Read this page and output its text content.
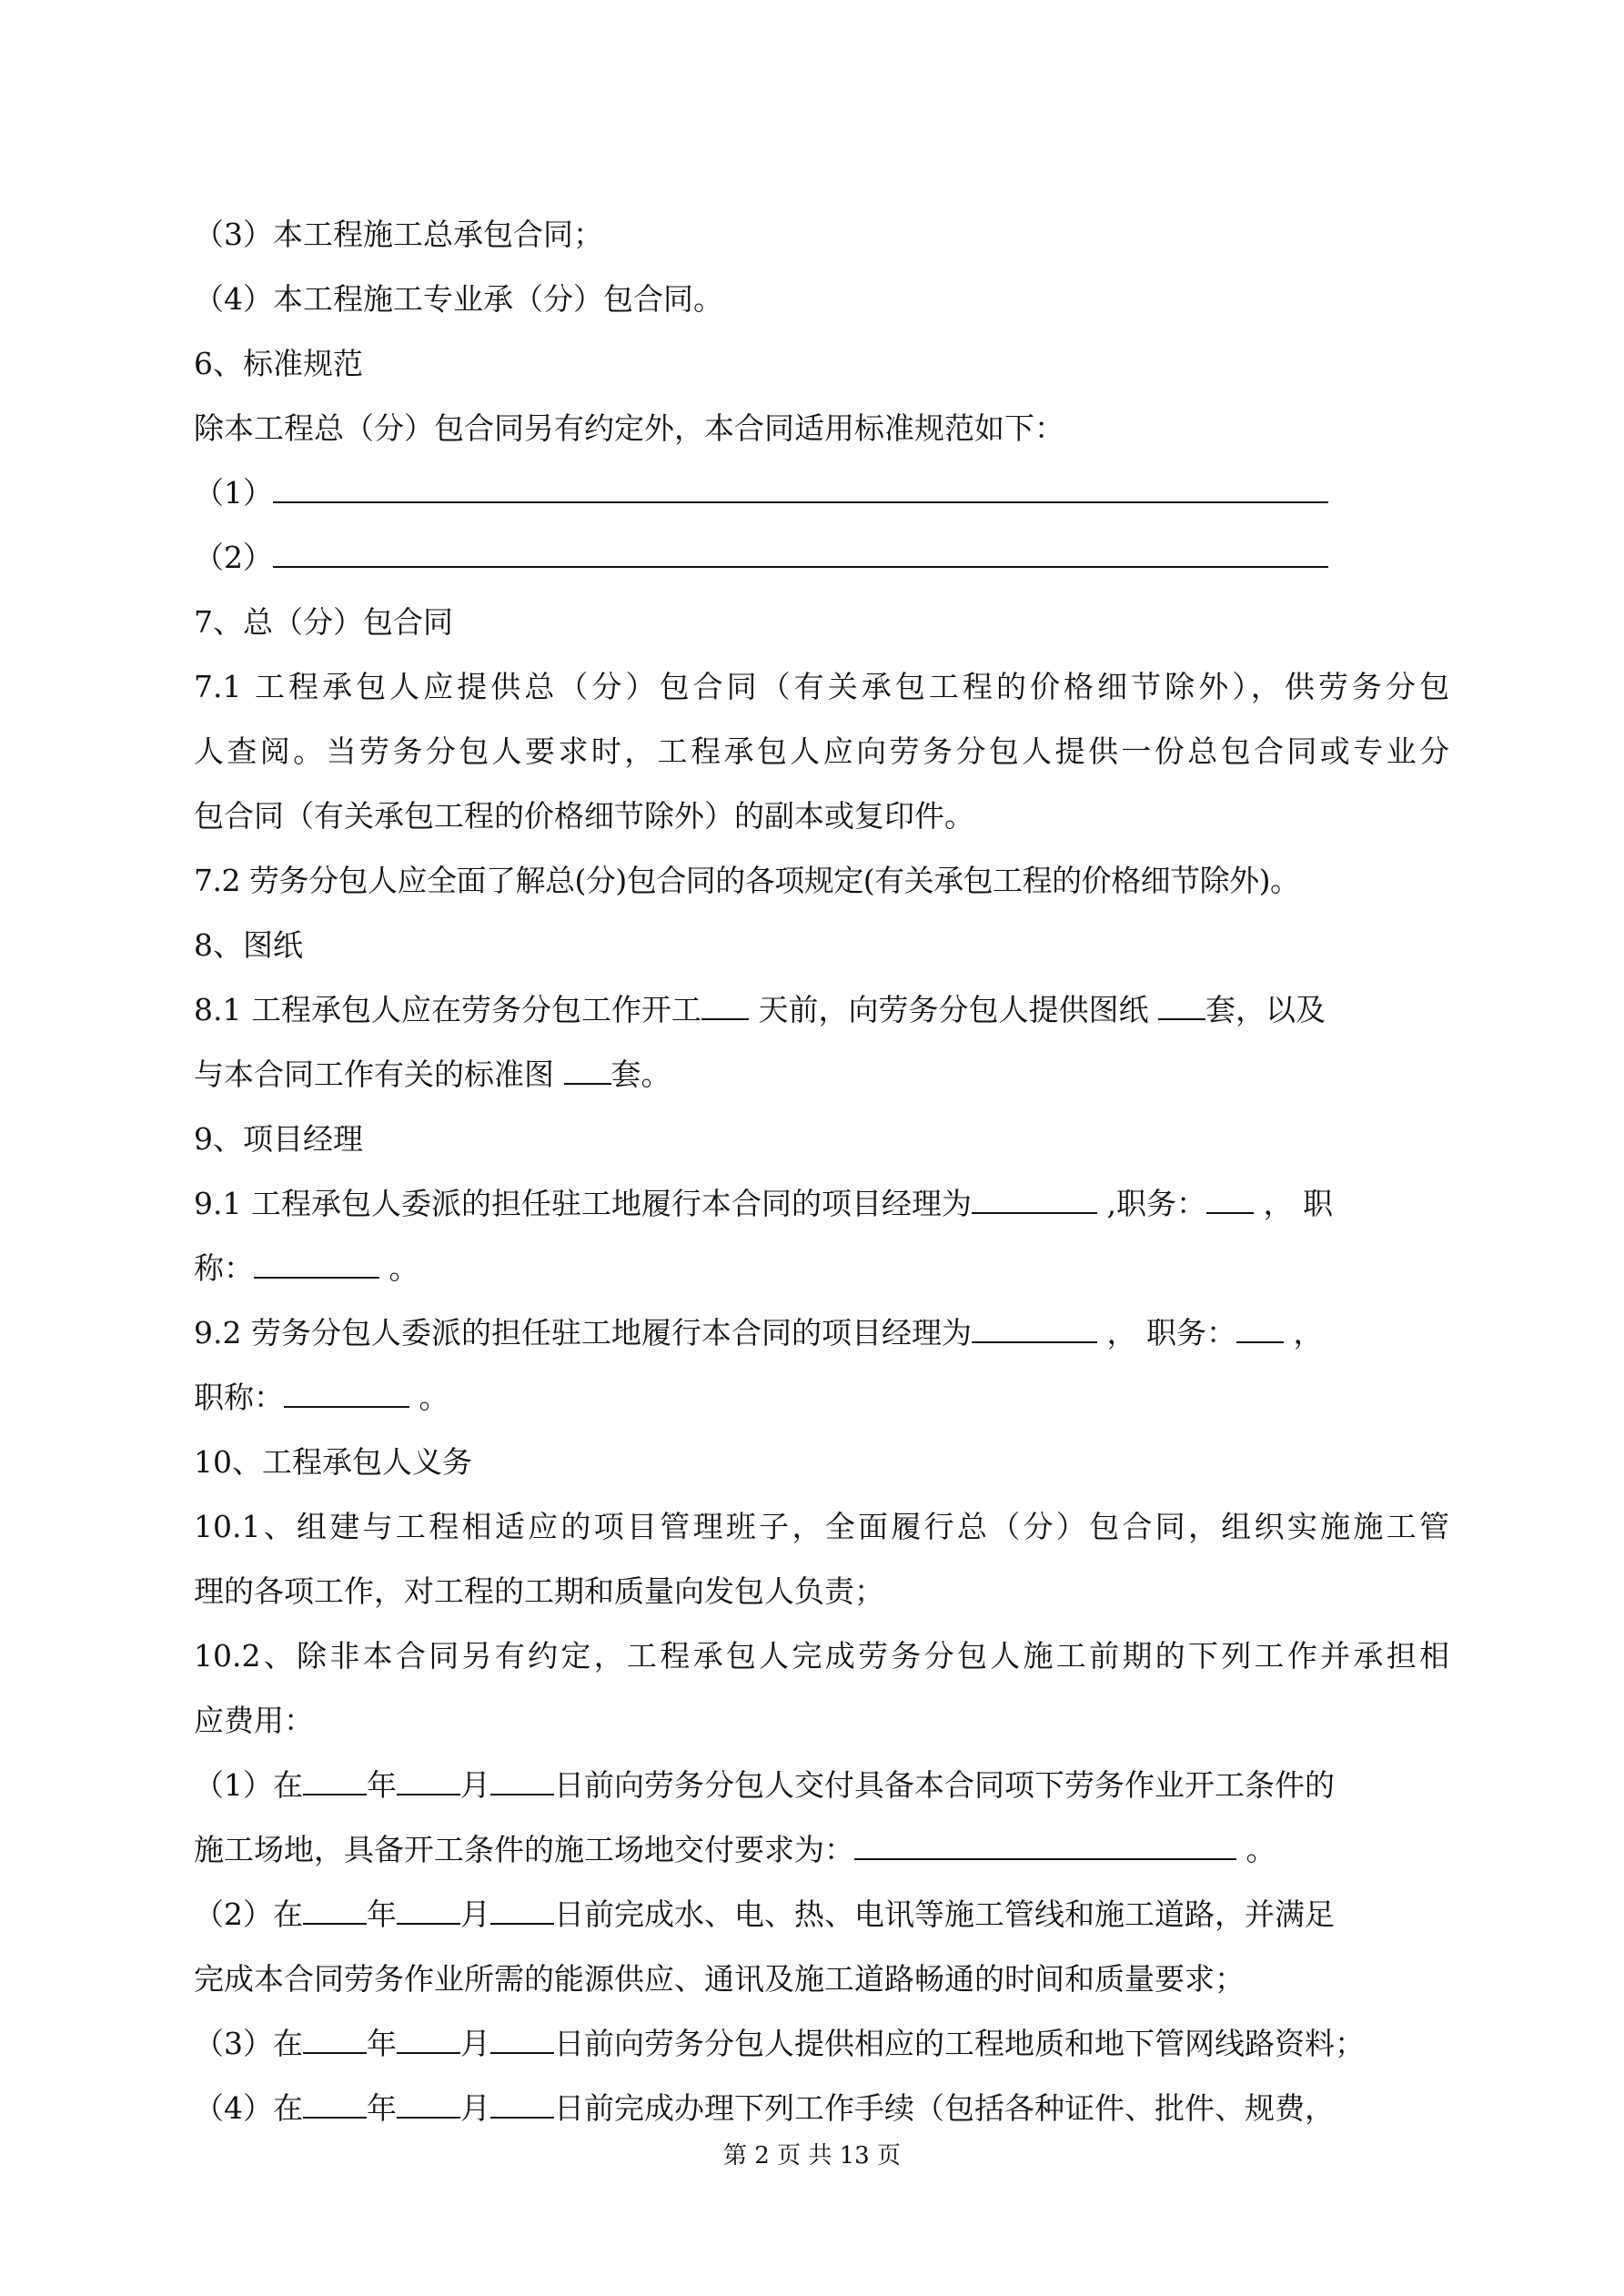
（3）本工程施工总承包合同；
（4）本工程施工专业承（分）包合同。
6、标准规范
除本工程总（分）包合同另有约定外，本合同适用标准规范如下：
（1）
（2）
7、总（分）包合同
7.1 工程承包人应提供总（分）包合同（有关承包工程的价格细节除外），供劳务分包
人查阅。当劳务分包人要求时，工程承包人应向劳务分包人提供一份总包合同或专业分
包合同（有关承包工程的价格细节除外）的副本或复印件。
7.2 劳务分包人应全面了解总(分)包合同的各项规定(有关承包工程的价格细节除外)。
8、图纸
8.1 工程承包人应在劳务分包工作开工 天前，向劳务分包人提供图纸 套，以及
与本合同工作有关的标准图 套。
9、项目经理
9.1 工程承包人委派的担任驻工地履行本合同的项目经理为	,职务： ， 职
称：	。
9.2 劳务分包人委派的担任驻工地履行本合同的项目经理为	， 职务： ，
职称：	。
10、工程承包人义务
10.1、组建与工程相适应的项目管理班子，全面履行总（分）包合同，组织实施施工管
理的各项工作，对工程的工期和质量向发包人负责；
10.2、除非本合同另有约定，工程承包人完成劳务分包人施工前期的下列工作并承担相
应费用：
（1）在 年 月 日前向劳务分包人交付具备本合同项下劳务作业开工条件的
施工场地，具备开工条件的施工场地交付要求为：	。
（2）在 年 月 日前完成水、电、热、电讯等施工管线和施工道路，并满足
完成本合同劳务作业所需的能源供应、通讯及施工道路畅通的时间和质量要求；
（3）在 年 月 日前向劳务分包人提供相应的工程地质和地下管网线路资料；
（4）在 年 月 日前完成办理下列工作手续（包括各种证件、批件、规费，
第 2 页 共 13 页
